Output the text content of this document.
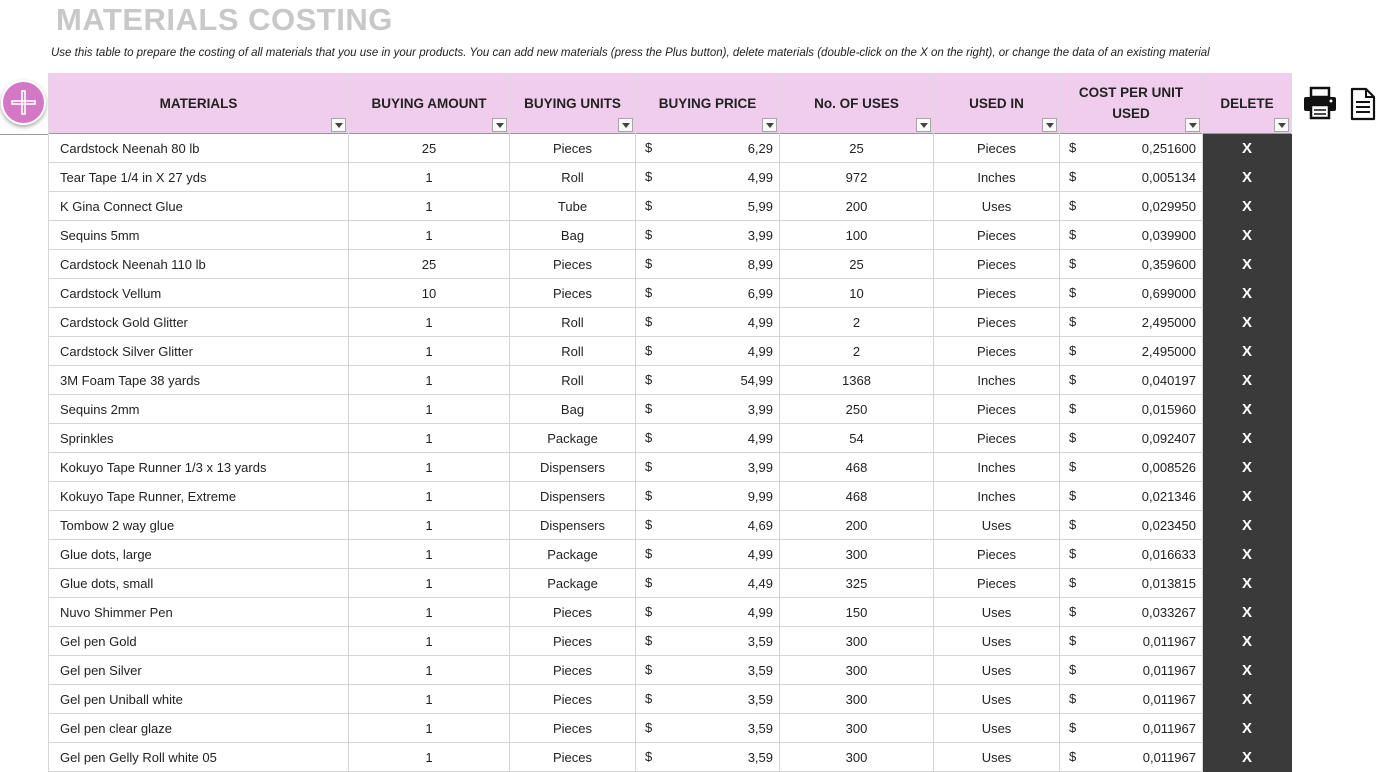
MATERIALS COSTING

Use this table to prepare the costing of all materials that you use in your products. You can add new materials (press the Plus button), delete materials (double-click on the X on the right), or change the data of an existing material

MATERIALS	BUYING AMOUNT	BUYING UNITS	BUYING PRICE	No. OF USES	USED IN	COST PER UNIT USED	DELETE

Cardstock Neenah 80 lb	25	Pieces	$ 6,29	25	Pieces	$ 0,251600	X
Tear Tape 1/4 in X 27 yds	1	Roll	$ 4,99	972	Inches	$ 0,005134	X
K Gina Connect Glue	1	Tube	$ 5,99	200	Uses	$ 0,029950	X
Sequins 5mm	1	Bag	$ 3,99	100	Pieces	$ 0,039900	X
Cardstock Neenah 110 lb	25	Pieces	$ 8,99	25	Pieces	$ 0,359600	X
Cardstock Vellum	10	Pieces	$ 6,99	10	Pieces	$ 0,699000	X
Cardstock Gold Glitter	1	Roll	$ 4,99	2	Pieces	$ 2,495000	X
Cardstock Silver Glitter	1	Roll	$ 4,99	2	Pieces	$ 2,495000	X
3M Foam Tape 38 yards	1	Roll	$ 54,99	1368	Inches	$ 0,040197	X
Sequins 2mm	1	Bag	$ 3,99	250	Pieces	$ 0,015960	X
Sprinkles	1	Package	$ 4,99	54	Pieces	$ 0,092407	X
Kokuyo Tape Runner 1/3 x 13 yards	1	Dispensers	$ 3,99	468	Inches	$ 0,008526	X
Kokuyo Tape Runner, Extreme	1	Dispensers	$ 9,99	468	Inches	$ 0,021346	X
Tombow 2 way glue	1	Dispensers	$ 4,69	200	Uses	$ 0,023450	X
Glue dots, large	1	Package	$ 4,99	300	Pieces	$ 0,016633	X
Glue dots, small	1	Package	$ 4,49	325	Pieces	$ 0,013815	X
Nuvo Shimmer Pen	1	Pieces	$ 4,99	150	Uses	$ 0,033267	X
Gel pen Gold	1	Pieces	$ 3,59	300	Uses	$ 0,011967	X
Gel pen Silver	1	Pieces	$ 3,59	300	Uses	$ 0,011967	X
Gel pen Uniball white	1	Pieces	$ 3,59	300	Uses	$ 0,011967	X
Gel pen clear glaze	1	Pieces	$ 3,59	300	Uses	$ 0,011967	X
Gel pen Gelly Roll white 05	1	Pieces	$ 3,59	300	Uses	$ 0,011967	X
